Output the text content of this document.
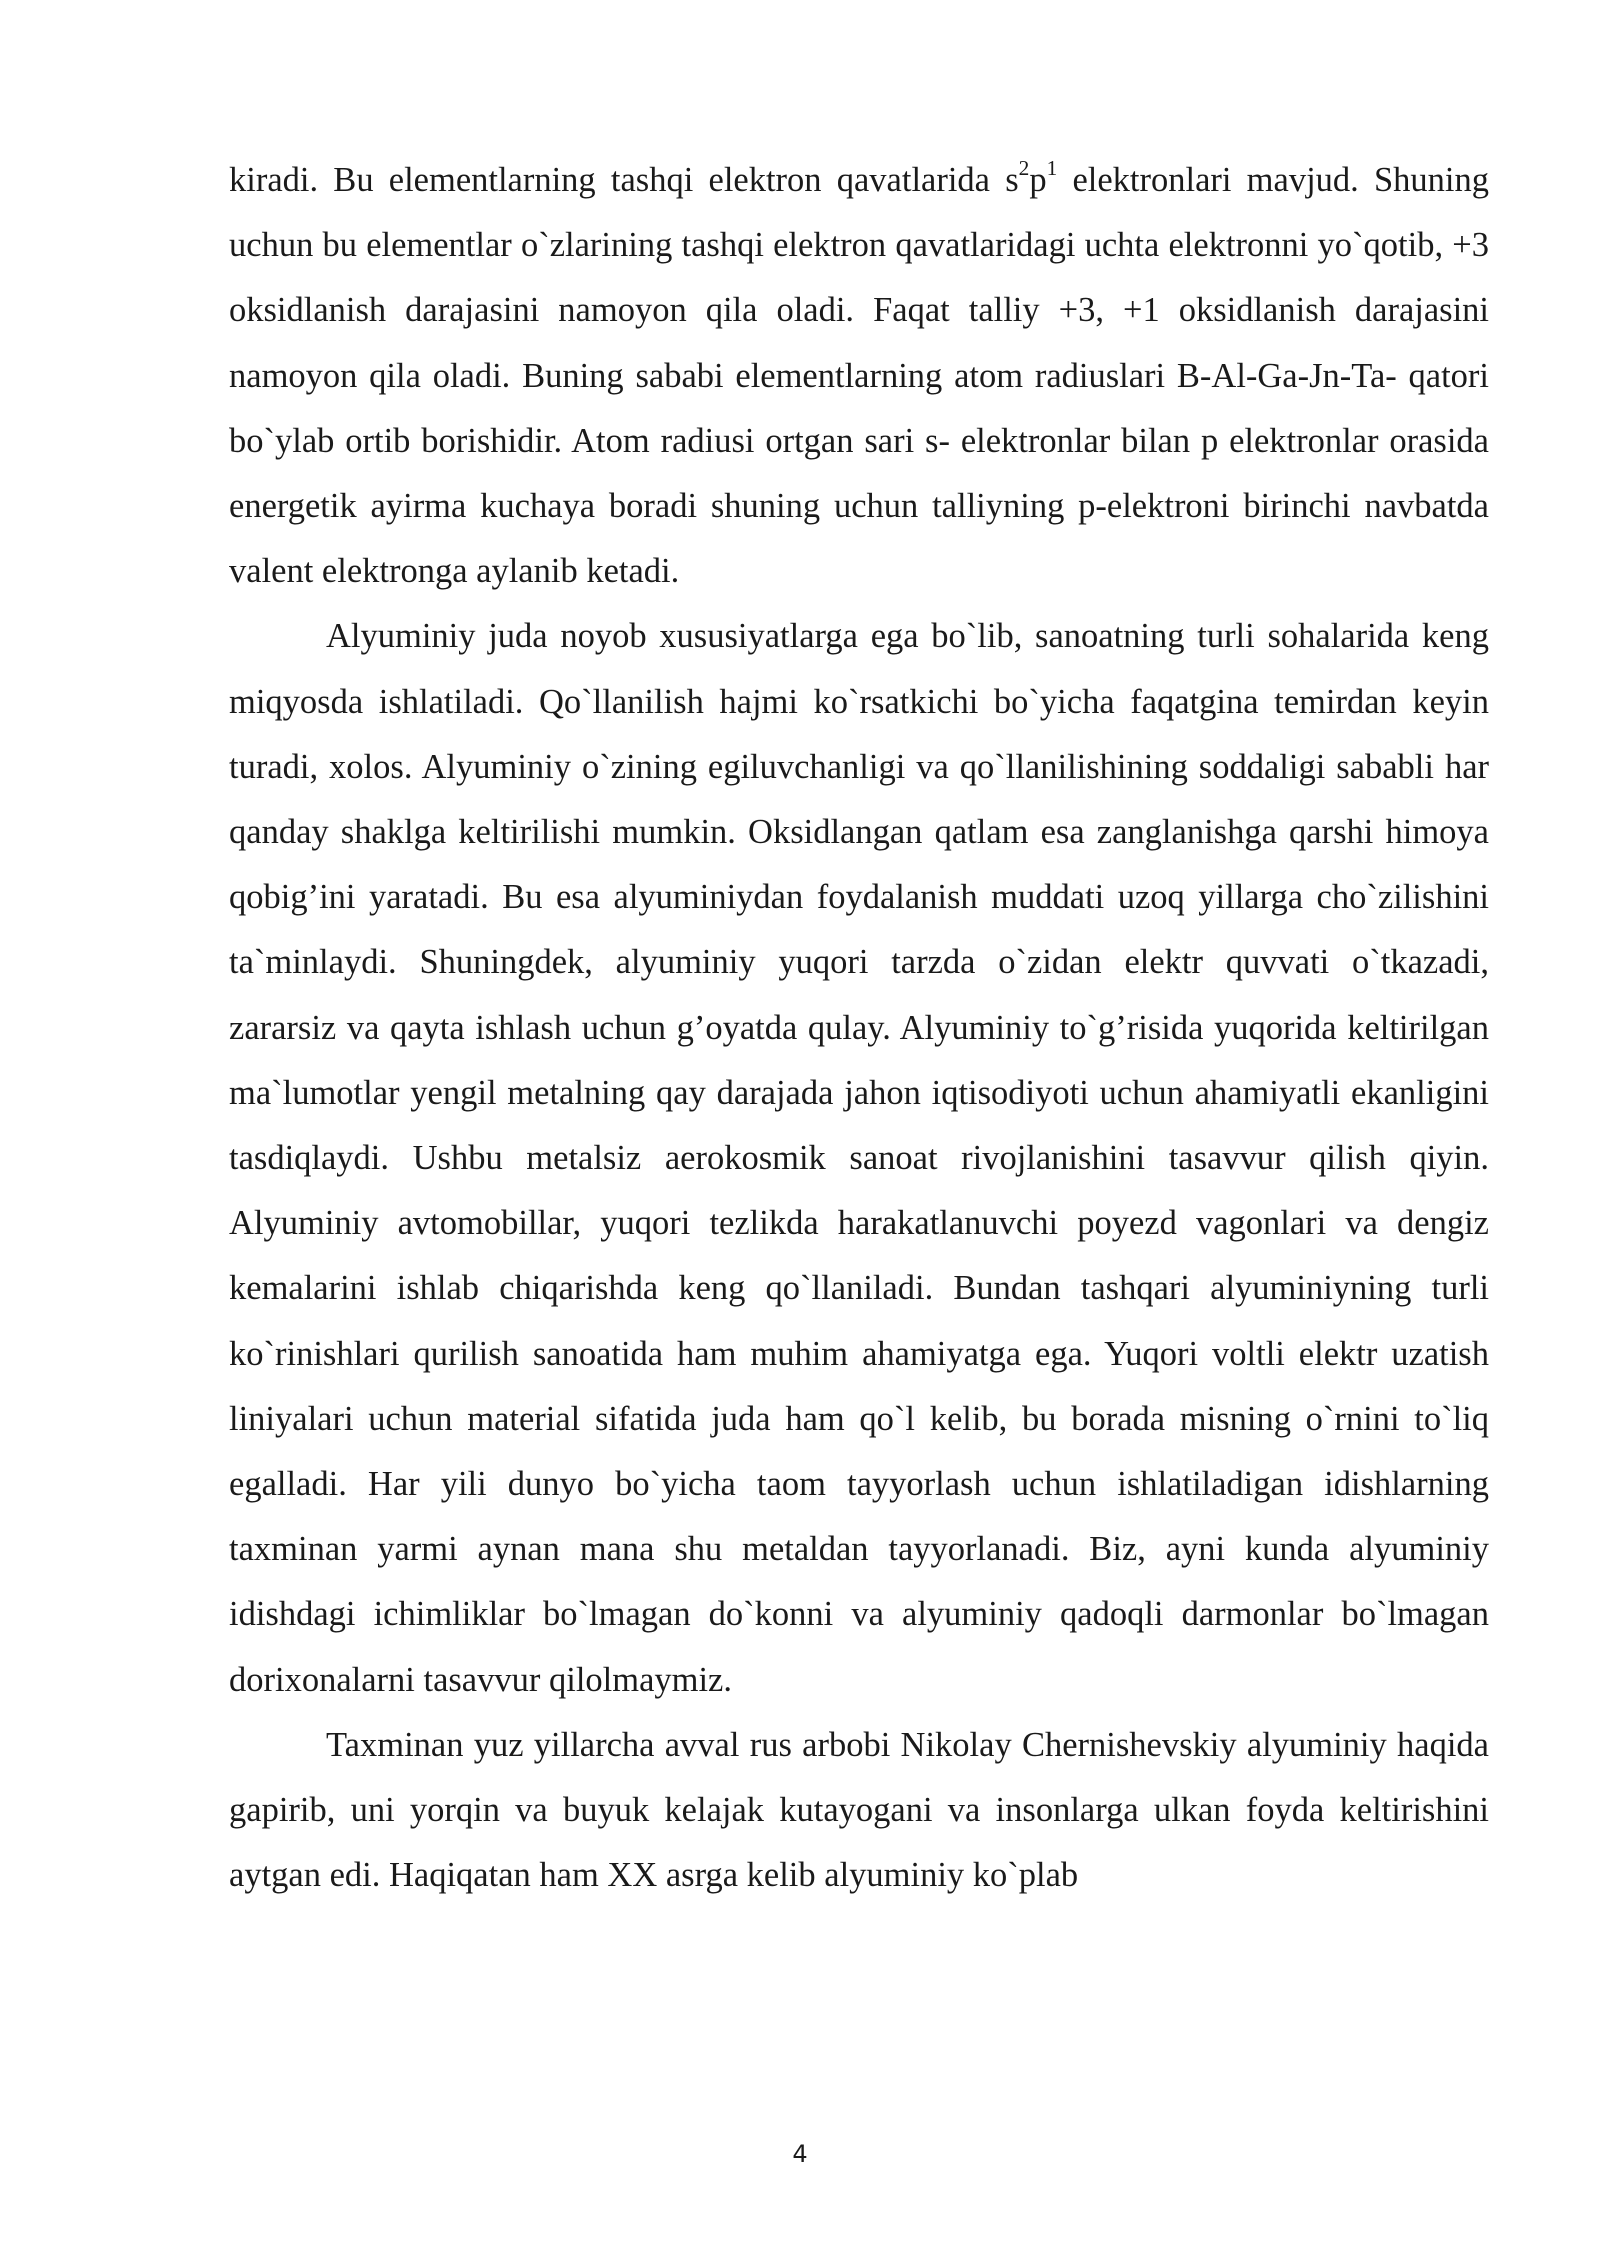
kiradi. Bu elementlarning tashqi elektron qavatlarida $s^2p^1$ elektronlari mavjud. Shuning uchun bu elementlar o`zlarining tashqi elektron qavatlaridagi uchta elektronni yo`qotib, +3 oksidlanish darajasini namoyon qila oladi. Faqat talliy +3, +1 oksidlanish darajasini namoyon qila oladi. Buning sababi elementlarning atom radiuslari B-Al-Ga-Jn-Ta- qatori bo`ylab ortib borishidir. Atom radiusi ortgan sari s- elektronlar bilan p elektronlar orasida energetik ayirma kuchaya boradi shuning uchun talliyning p-elektroni birinchi navbatda valent elektronga aylanib ketadi.

Alyuminiy juda noyob xususiyatlarga ega bo`lib, sanoatning turli sohalarida keng miqyosda ishlatiladi. Qo`llanilish hajmi ko`rsatkichi bo`yicha faqatgina temirdan keyin turadi, xolos. Alyuminiy o`zining egiluvchanligi va qo`llanilishining soddaligi sababli har qanday shaklga keltirilishi mumkin. Oksidlangan qatlam esa zanglanishga qarshi himoya qobig’ini yaratadi. Bu esa alyuminiydan foydalanish muddati uzoq yillarga cho`zilishini ta`minlaydi. Shuningdek, alyuminiy yuqori tarzda o`zidan elektr quvvati o`tkazadi, zararsiz va qayta ishlash uchun g’oyatda qulay. Alyuminiy to`g’risida yuqorida keltirilgan ma`lumotlar yengil metalning qay darajada jahon iqtisodiyoti uchun ahamiyatli ekanligini tasdiqlaydi. Ushbu metalsiz aerokosmik sanoat rivojlanishini tasavvur qilish qiyin. Alyuminiy avtomobillar, yuqori tezlikda harakatlanuvchi poyezd vagonlari va dengiz kemalarini ishlab chiqarishda keng qo`llaniladi. Bundan tashqari alyuminiyning turli ko`rinishlari qurilish sanoatida ham muhim ahamiyatga ega. Yuqori voltli elektr uzatish liniyalari uchun material sifatida juda ham qo`l kelib, bu borada misning o`rnini to`liq egalladi. Har yili dunyo bo`yicha taom tayyorlash uchun ishlatiladigan idishlarning taxminan yarmi aynan mana shu metaldan tayyorlanadi. Biz, ayni kunda alyuminiy idishdagi ichimliklar bo`lmagan do`konni va alyuminiy qadoqli darmonlar bo`lmagan dorixonalarni tasavvur qilolmaymiz.

Taxminan yuz yillarcha avval rus arbobi Nikolay Chernishevskiy alyuminiy haqida gapirib, uni yorqin va buyuk kelajak kutayogani va insonlarga ulkan foyda keltirishini aytgan edi. Haqiqatan ham XX asrga kelib alyuminiy ko`plab

4
